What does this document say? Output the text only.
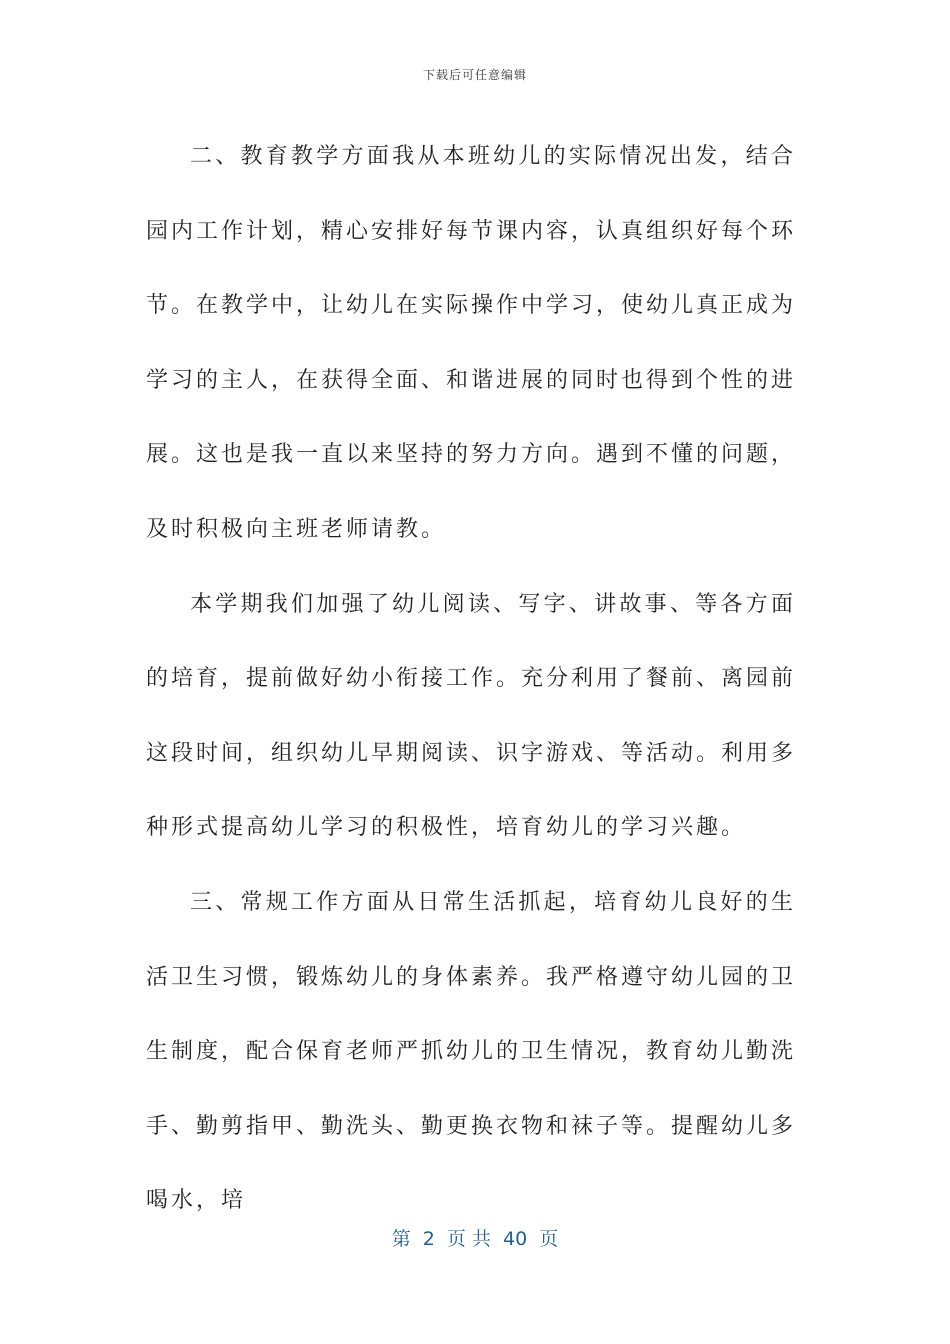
下载后可任意编辑

二、教育教学方面我从本班幼儿的实际情况出发，结合园内工作计划，精心安排好每节课内容，认真组织好每个环节。在教学中，让幼儿在实际操作中学习，使幼儿真正成为学习的主人，在获得全面、和谐进展的同时也得到个性的进展。这也是我一直以来坚持的努力方向。遇到不懂的问题，及时积极向主班老师请教。

本学期我们加强了幼儿阅读、写字、讲故事、等各方面的培育，提前做好幼小衔接工作。充分利用了餐前、离园前这段时间，组织幼儿早期阅读、识字游戏、等活动。利用多种形式提高幼儿学习的积极性，培育幼儿的学习兴趣。

三、常规工作方面从日常生活抓起，培育幼儿良好的生活卫生习惯，锻炼幼儿的身体素养。我严格遵守幼儿园的卫生制度，配合保育老师严抓幼儿的卫生情况，教育幼儿勤洗手、勤剪指甲、勤洗头、勤更换衣物和袜子等。提醒幼儿多喝水，培

第  2  页 共  40  页
